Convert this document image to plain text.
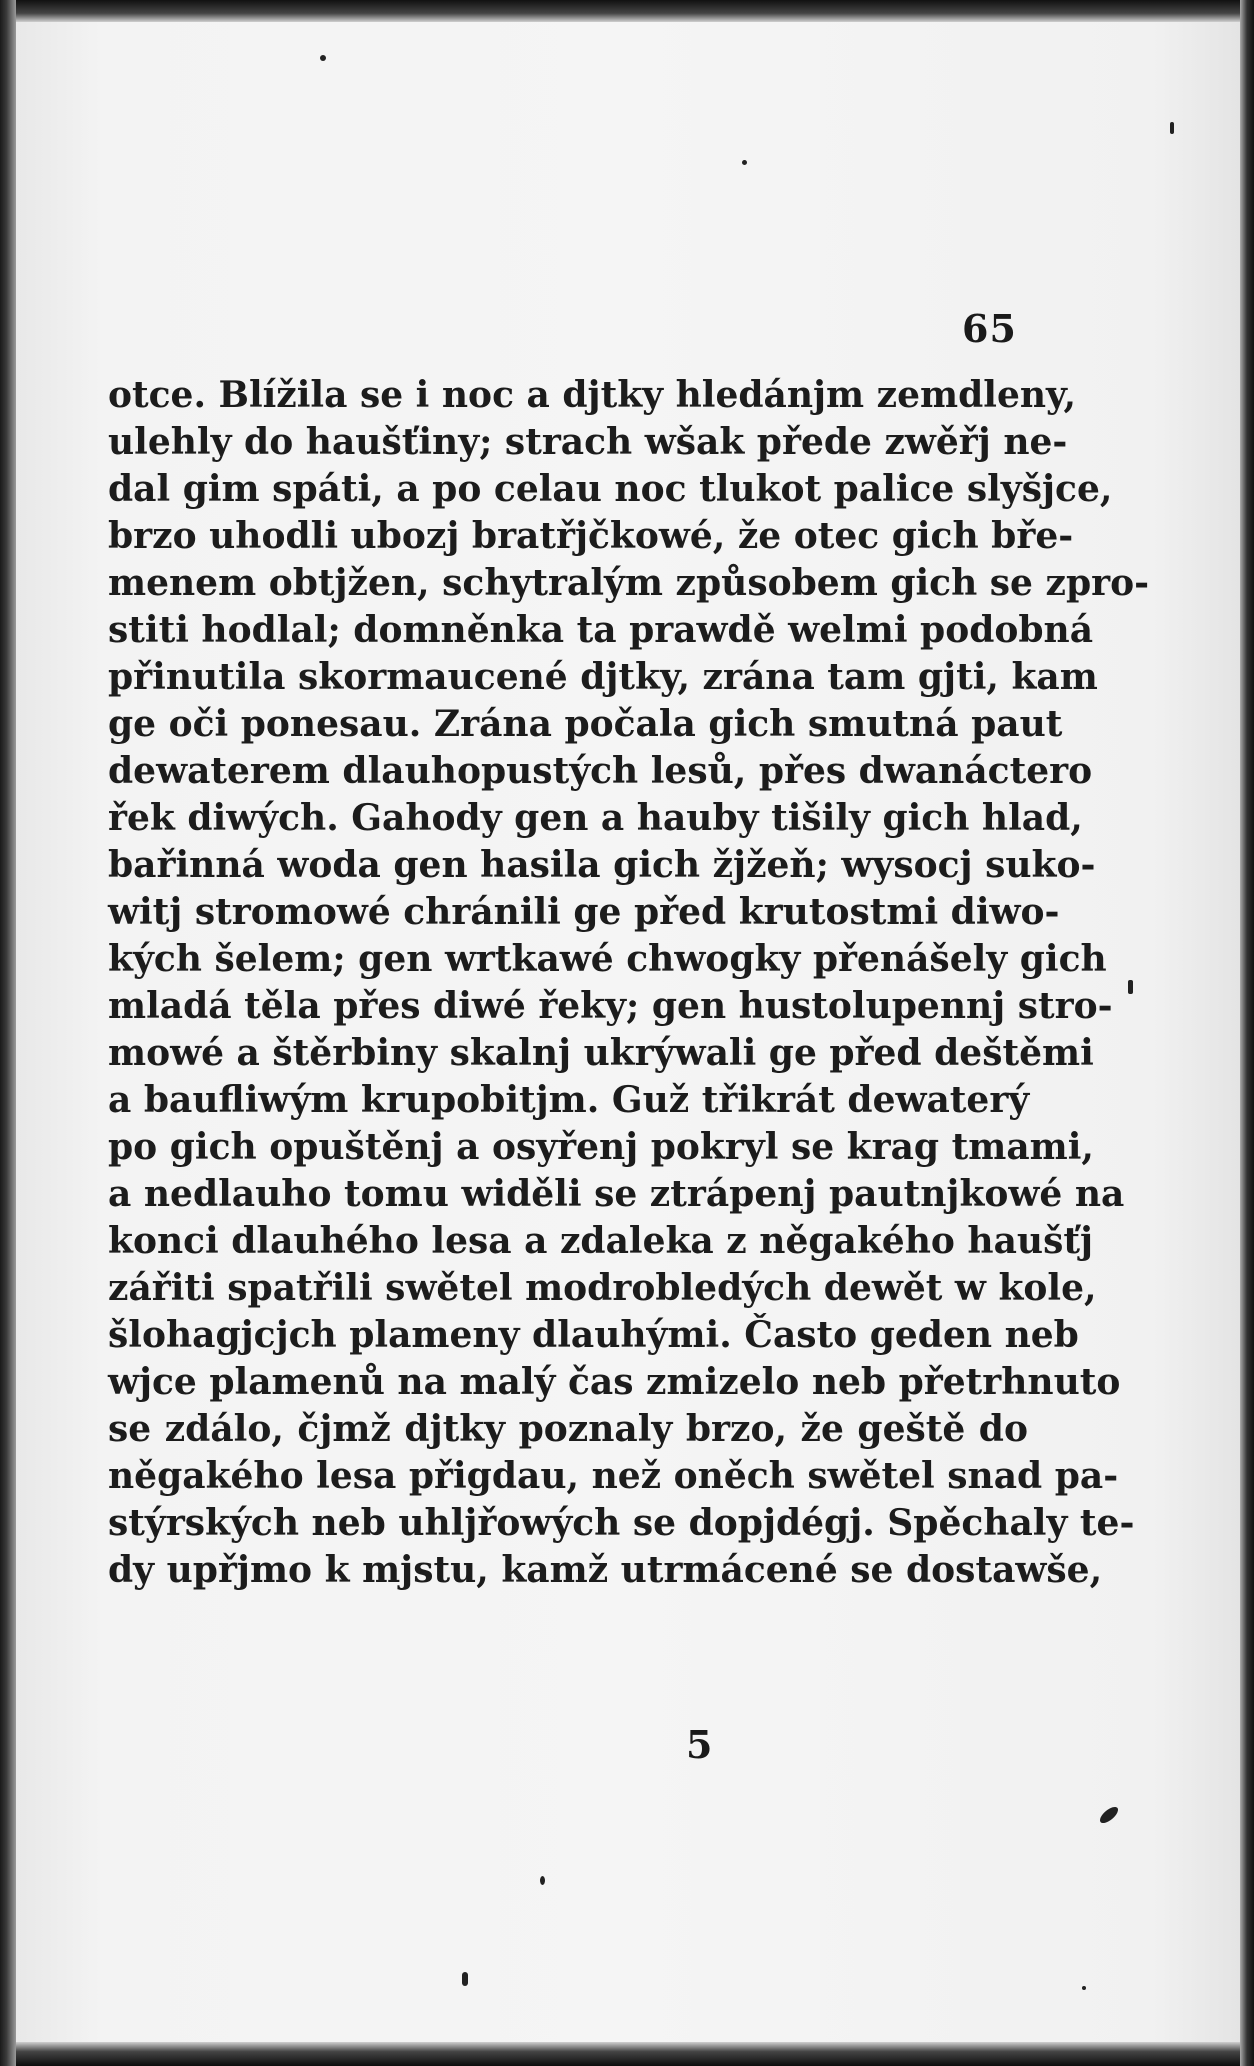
65
otce. Blížila se i noc a djtky hledánjm zemdleny,
ulehly do haušťiny; strach wšak přede zwěřj ne-
dal gim spáti, a po celau noc tlukot palice slyšjce,
brzo uhodli ubozj bratřjčkowé, že otec gich bře-
menem obtjžen, schytralým způsobem gich se zpro-
stiti hodlal; domněnka ta prawdě welmi podobná
přinutila skormaucené djtky, zrána tam gjti, kam
ge oči ponesau. Zrána počala gich smutná paut
dewaterem dlauhopustých lesů, přes dwanáctero
řek diwých. Gahody gen a hauby tišily gich hlad,
bařinná woda gen hasila gich žjžeň; wysocj suko-
witj stromowé chránili ge před krutostmi diwo-
kých šelem; gen wrtkawé chwogky přenášely gich
mladá těla přes diwé řeky; gen hustolupennj stro-
mowé a štěrbiny skalnj ukrýwali ge před deštěmi
a baufliwým krupobitjm. Guž třikrát dewaterý
po gich opuštěnj a osyřenj pokryl se krag tmami,
a nedlauho tomu widěli se ztrápenj pautnjkowé na
konci dlauhého lesa a zdaleka z něgakého haušťj
zářiti spatřili swětel modrobledých dewět w kole,
šlohagjcjch plameny dlauhými. Často geden neb
wjce plamenů na malý čas zmizelo neb přetrhnuto
se zdálo, čjmž djtky poznaly brzo, že geště do
něgakého lesa přigdau, než oněch swětel snad pa-
stýrských neb uhljřowých se dopjdégj. Spěchaly te-
dy upřjmo k mjstu, kamž utrmácené se dostawše,
5
